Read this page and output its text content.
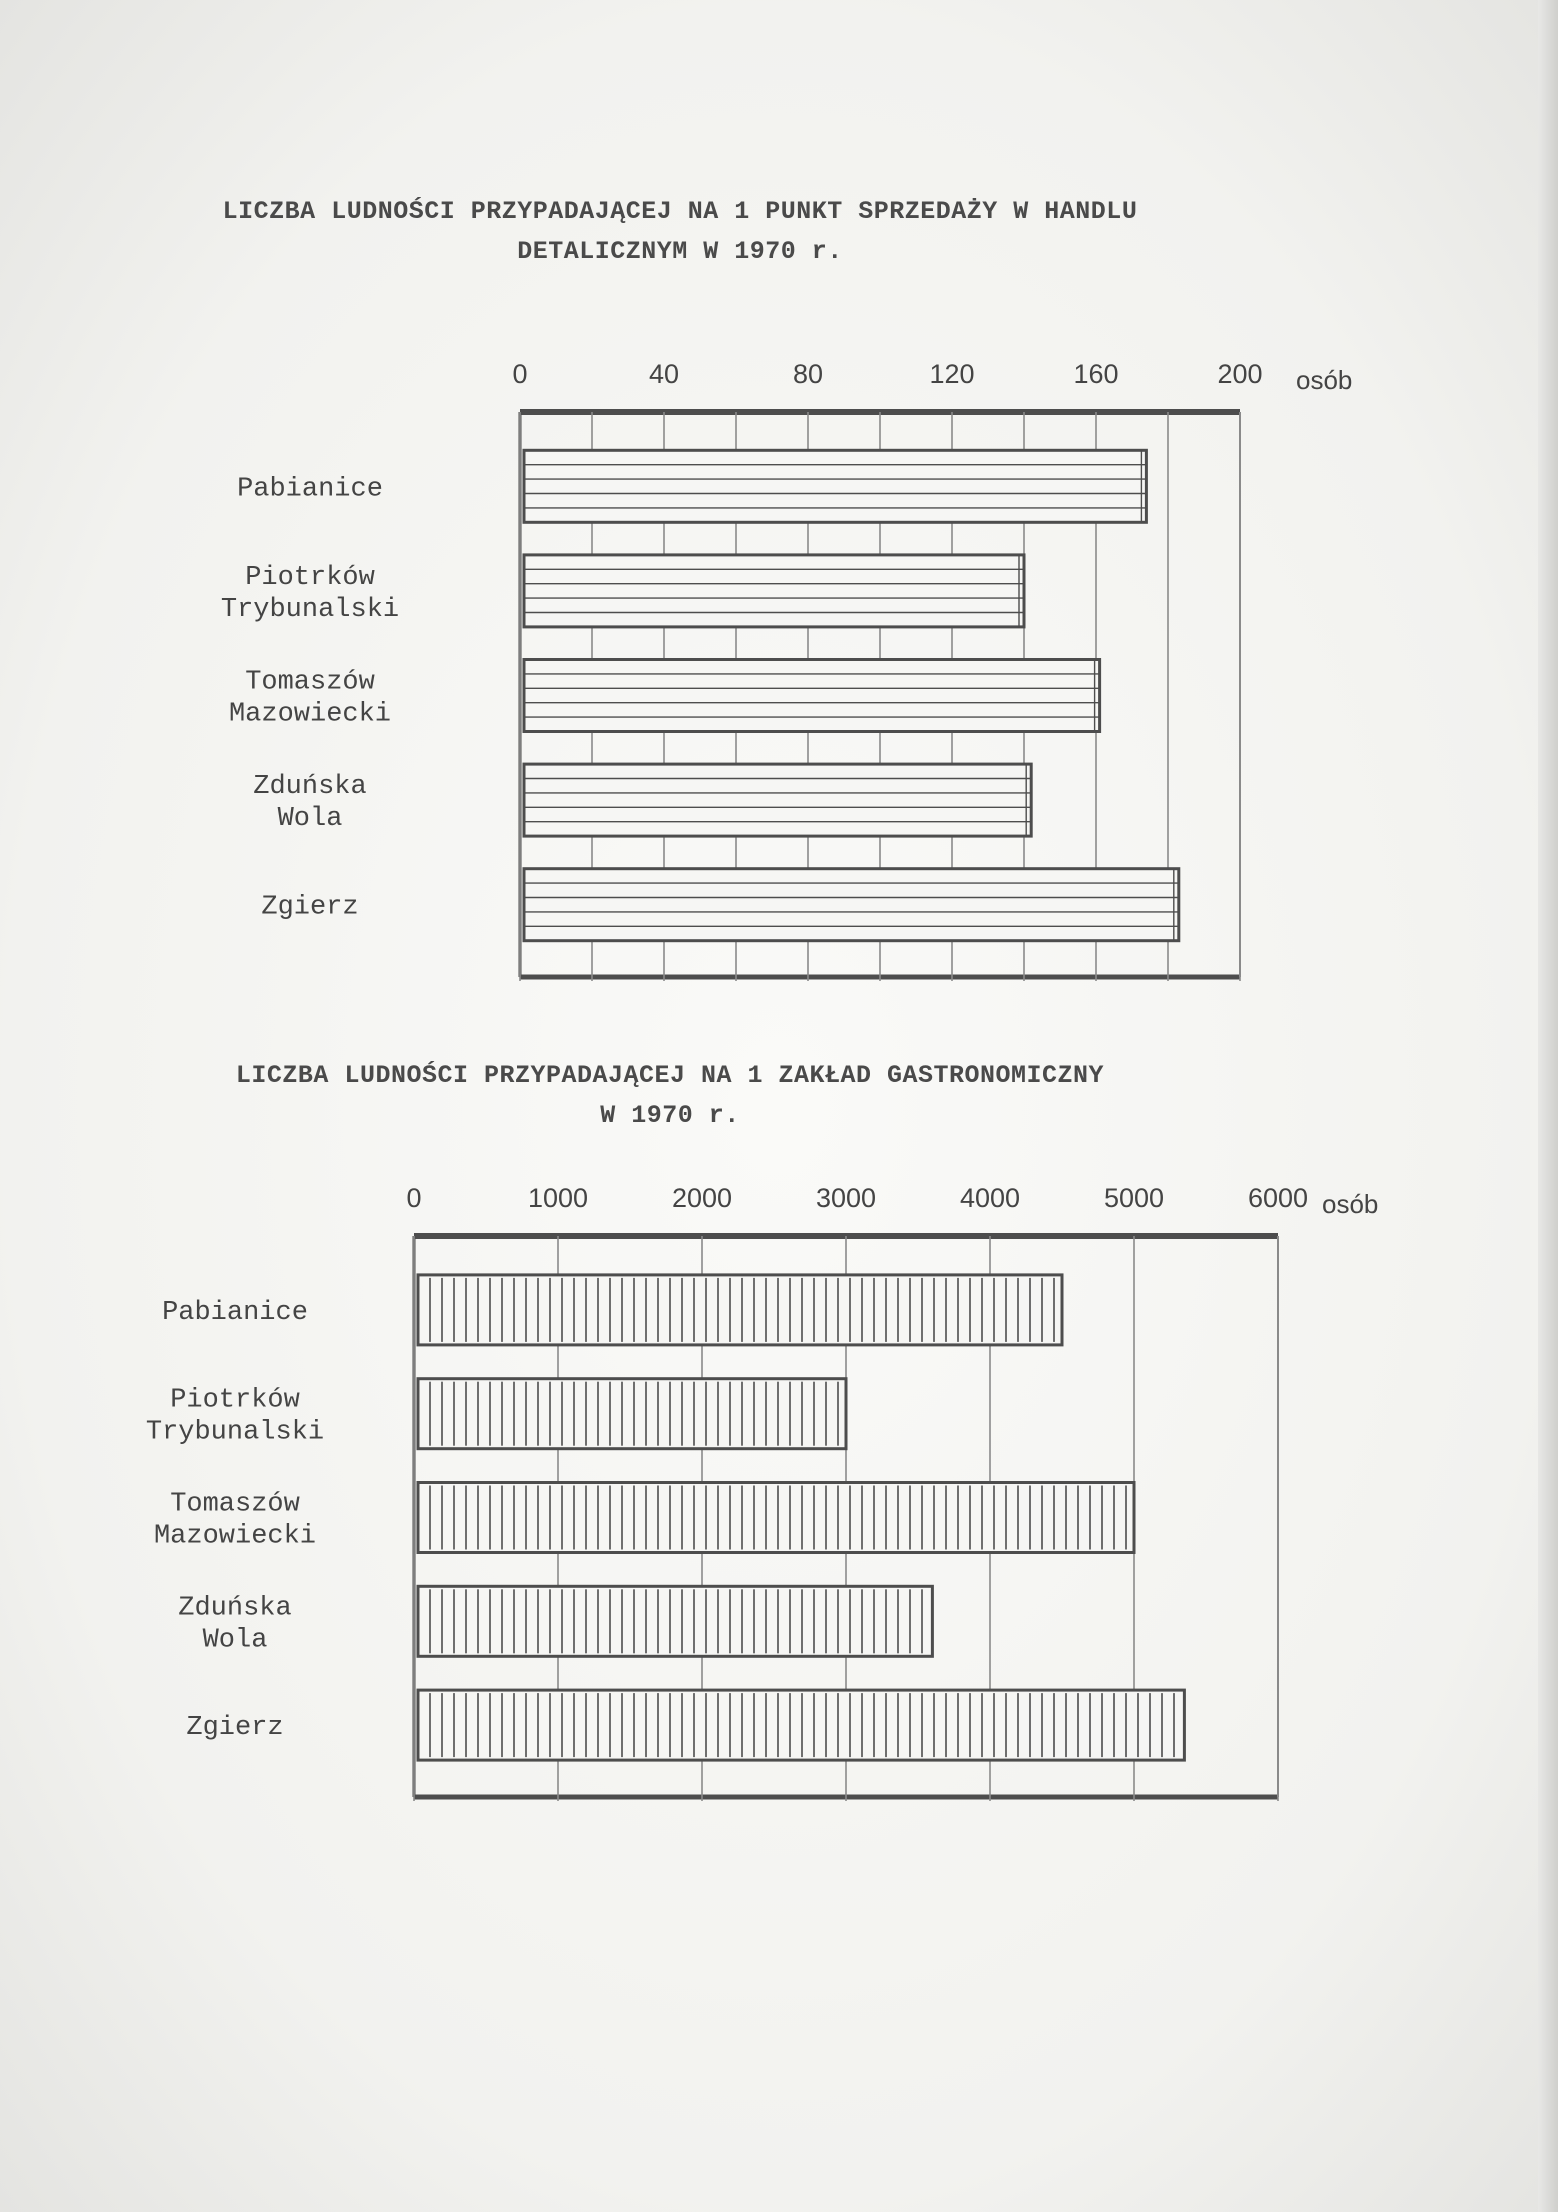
LICZBA LUDNOŚCI PRZYPADAJĄCEJ NA 1 PUNKT SPRZEDAŻY W HANDLU
DETALICZNYM W 1970 r.
LICZBA LUDNOŚCI PRZYPADAJĄCEJ NA 1 ZAKŁAD GASTRONOMICZNY
W 1970 r.
0	40	80	120	160	200 osób
Pabianice
Piotrków
Trybunalski
Tomaszów
Mazowiecki
Zduńska
Wola
Zgierz
0	1000	2000	3000	4000	5000	6000 osób
Pabianice
Piotrków
Trybunalski
Tomaszów
Mazowiecki
Zduńska
Wola
Zgierz
